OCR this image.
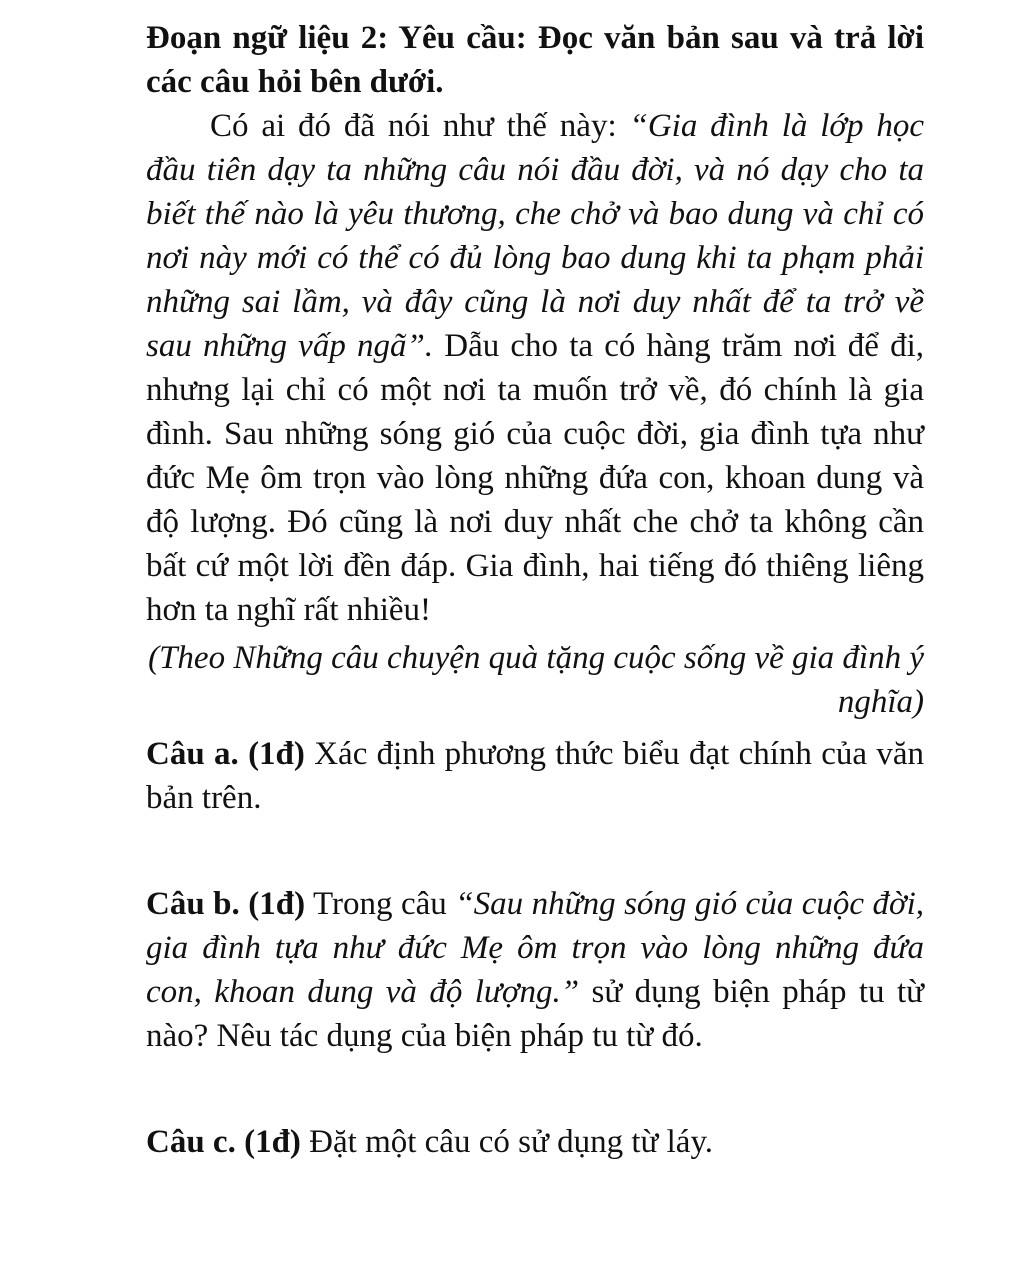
Đoạn ngữ liệu 2: Yêu cầu: Đọc văn bản sau và trả lời các câu hỏi bên dưới.

Có ai đó đã nói như thế này: “Gia đình là lớp học đầu tiên dạy ta những câu nói đầu đời, và nó dạy cho ta biết thế nào là yêu thương, che chở và bao dung và chỉ có nơi này mới có thể có đủ lòng bao dung khi ta phạm phải những sai lầm, và đây cũng là nơi duy nhất để ta trở về sau những vấp ngã”. Dẫu cho ta có hàng trăm nơi để đi, nhưng lại chỉ có một nơi ta muốn trở về, đó chính là gia đình. Sau những sóng gió của cuộc đời, gia đình tựa như đức Mẹ ôm trọn vào lòng những đứa con, khoan dung và độ lượng. Đó cũng là nơi duy nhất che chở ta không cần bất cứ một lời đền đáp. Gia đình, hai tiếng đó thiêng liêng hơn ta nghĩ rất nhiều!

(Theo Những câu chuyện quà tặng cuộc sống về gia đình ý nghĩa)

Câu a. (1đ) Xác định phương thức biểu đạt chính của văn bản trên.

Câu b. (1đ) Trong câu “Sau những sóng gió của cuộc đời, gia đình tựa như đức Mẹ ôm trọn vào lòng những đứa con, khoan dung và độ lượng.” sử dụng biện pháp tu từ nào? Nêu tác dụng của biện pháp tu từ đó.

Câu c. (1đ) Đặt một câu có sử dụng từ láy.
